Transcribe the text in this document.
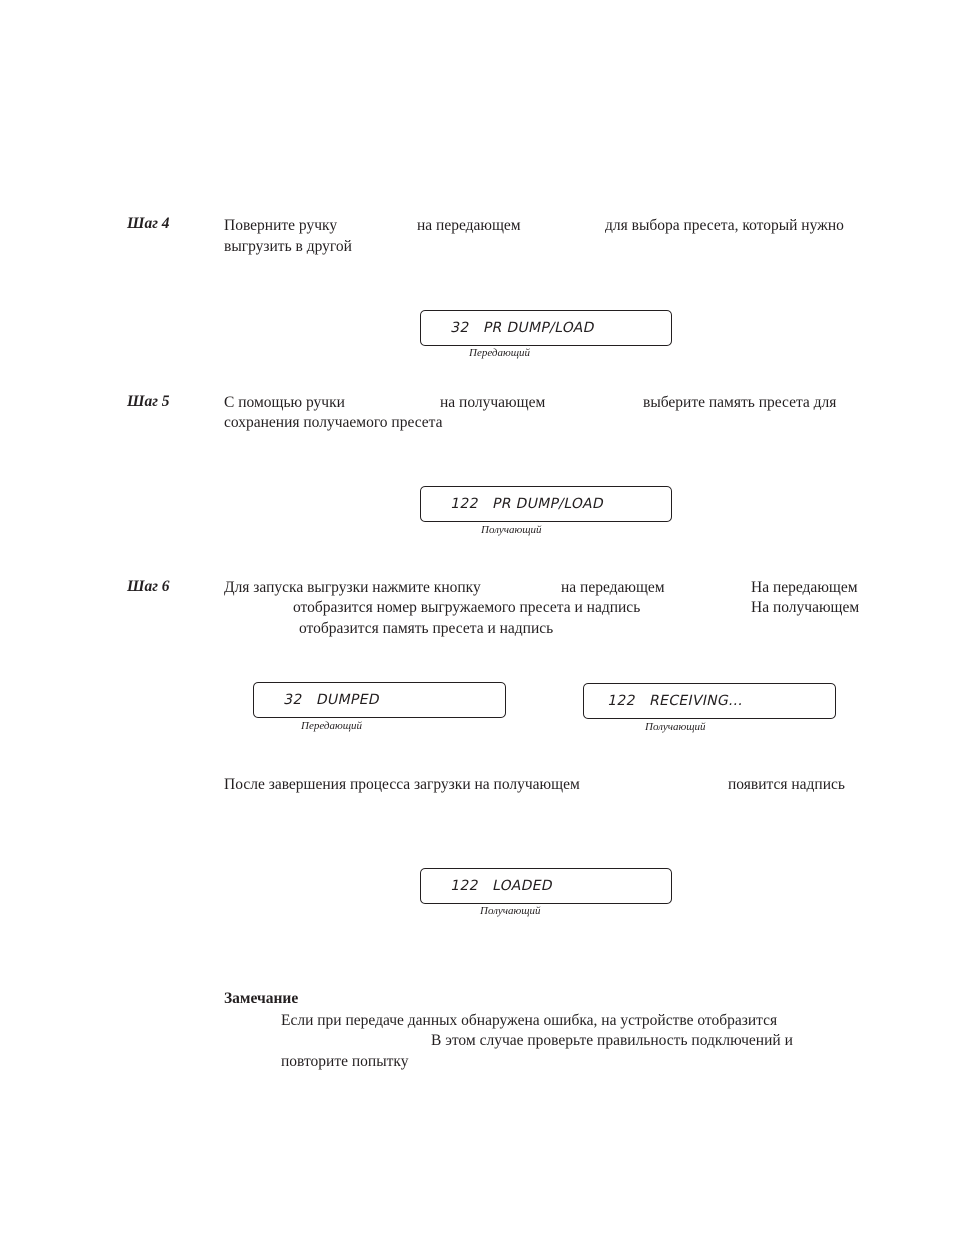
Шаг 4	Поверните ручку	на передающем	для выбора пресета, который нужно
выгрузить в другой
32   PR DUMP/LOAD
Передающий
Шаг 5	С помощью ручки	на получающем	выберите память пресета для
сохранения получаемого пресета
122   PR DUMP/LOAD
Получающий
Шаг 6	Для запуска выгрузки нажмите кнопку	на передающем	На передающем
отобразится номер выгружаемого пресета и надпись	На получающем
отобразится память пресета и надпись
32   DUMPED
Передающий
122   RECEIVING...
Получающий
После завершения процесса загрузки на получающем	появится надпись
122   LOADED
Получающий
Замечание
Если при передаче данных обнаружена ошибка, на устройстве отобразится
В этом случае проверьте правильность подключений и
повторите попытку
